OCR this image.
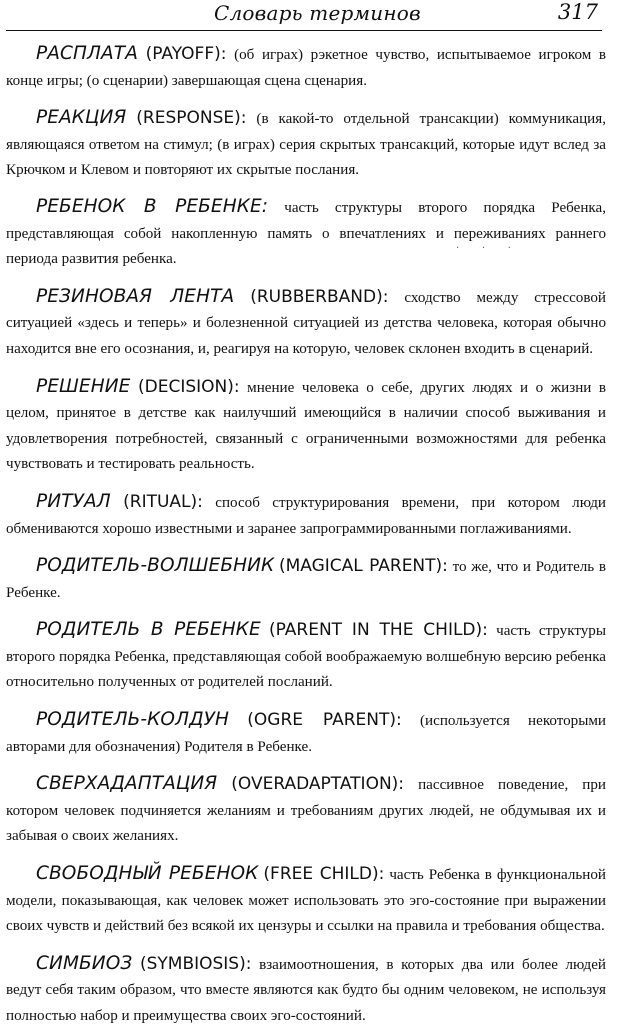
Словарь терминов	317
· · ·

РАСПЛАТА (PAYOFF): (об играх) рэкетное чувство, испытываемое игроком в конце игры; (о сценарии) завершающая сцена сценария.

РЕАКЦИЯ (RESPONSE): (в какой-то отдельной трансакции) коммуникация, являющаяся ответом на стимул; (в играх) серия скрытых трансакций, которые идут вслед за Крючком и Клевом и повторяют их скрытые послания.

РЕБЕНОК В РЕБЕНКЕ: часть структуры второго порядка Ребенка, представляющая собой накопленную память о впечатлениях и переживаниях раннего периода развития ребенка.

РЕЗИНОВАЯ ЛЕНТА (RUBBERBAND): сходство между стрессовой ситуацией «здесь и теперь» и болезненной ситуацией из детства человека, которая обычно находится вне его осознания, и, реагируя на которую, человек склонен входить в сценарий.

РЕШЕНИЕ (DECISION): мнение человека о себе, других людях и о жизни в целом, принятое в детстве как наилучший имеющийся в наличии способ выживания и удовлетворения потребностей, связанный с ограниченными возможностями для ребенка чувствовать и тестировать реальность.

РИТУАЛ (RITUAL): способ структурирования времени, при котором люди обмениваются хорошо известными и заранее запрограммированными поглаживаниями.

РОДИТЕЛЬ-ВОЛШЕБНИК (MAGICAL PARENT): то же, что и Родитель в Ребенке.

РОДИТЕЛЬ В РЕБЕНКЕ (PARENT IN THE CHILD): часть структуры второго порядка Ребенка, представляющая собой воображаемую волшебную версию ребенка относительно полученных от родителей посланий.

РОДИТЕЛЬ-КОЛДУН (OGRE PARENT): (используется некоторыми авторами для обозначения) Родителя в Ребенке.

СВЕРХАДАПТАЦИЯ (OVERADAPTATION): пассивное поведение, при котором человек подчиняется желаниям и требованиям других людей, не обдумывая их и забывая о своих желаниях.

СВОБОДНЫЙ РЕБЕНОК (FREE CHILD): часть Ребенка в функциональной модели, показывающая, как человек может использовать это эго-состояние при выражении своих чувств и действий без всякой их цензуры и ссылки на правила и требования общества.

СИМБИОЗ (SYMBIOSIS): взаимоотношения, в которых два или более людей ведут себя таким образом, что вместе являются как будто бы одним человеком, не используя полностью набор и преимущества своих эго-состояний.
